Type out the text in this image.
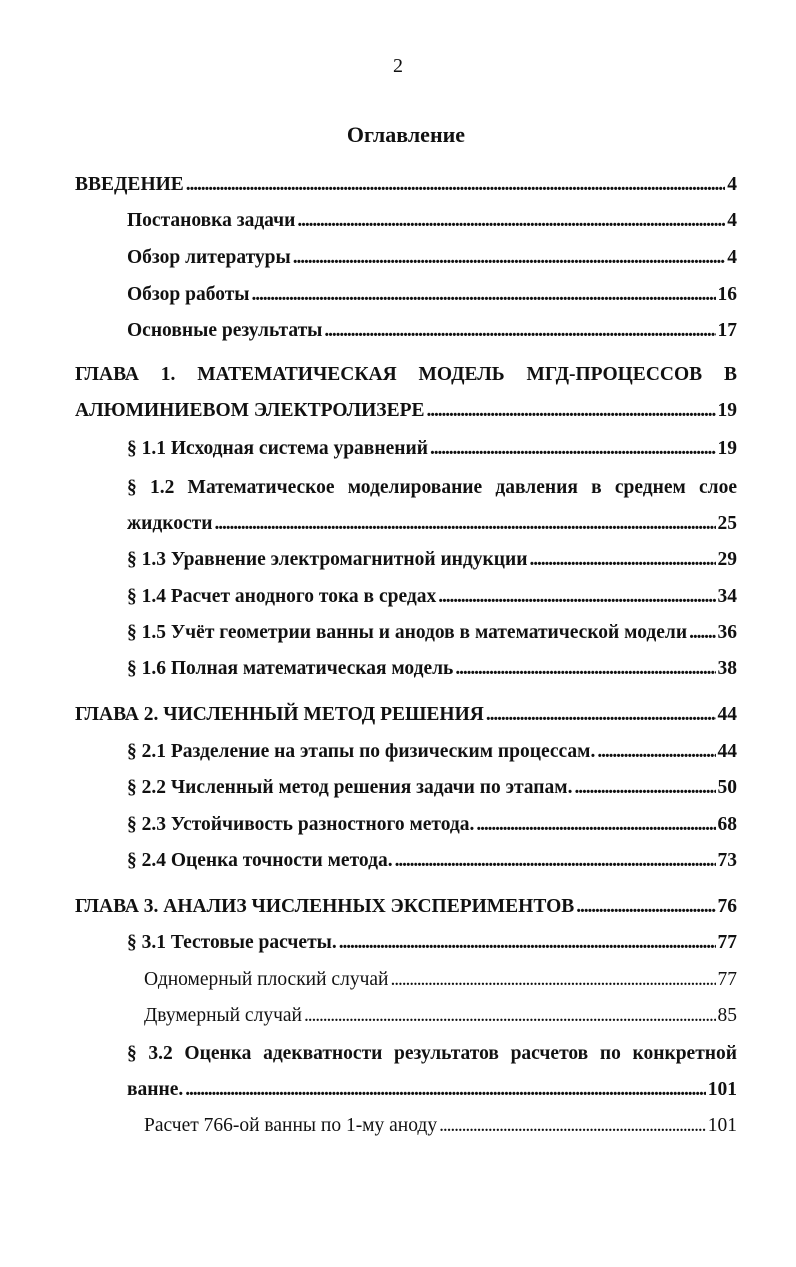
2
Оглавление
ВВЕДЕНИЕ . . .	4
Постановка задачи . . .	4
Обзор литературы . . .	4
Обзор работы . . .	16
Основные результаты . . .	17
ГЛАВА 1. МАТЕМАТИЧЕСКАЯ МОДЕЛЬ МГД-ПРОЦЕССОВ В
АЛЮМИНИЕВОМ ЭЛЕКТРОЛИЗЕРЕ . . .	19
§ 1.1 Исходная система уравнений . . .	19
§ 1.2 Математическое моделирование давления в среднем слое
жидкости . . .	25
§ 1.3 Уравнение электромагнитной индукции . . .	29
§ 1.4 Расчет анодного тока в средах . . .	34
§ 1.5 Учёт геометрии ванны и анодов в математической модели . . . 36
§ 1.6 Полная математическая модель . . .	38
ГЛАВА 2. ЧИСЛЕННЫЙ МЕТОД РЕШЕНИЯ . . .	44
§ 2.1 Разделение на этапы по физическим процессам. . . .	44
§ 2.2 Численный метод решения задачи по этапам. . . .	50
§ 2.3 Устойчивость разностного метода. . . .	68
§ 2.4 Оценка точности метода. . . .	73
ГЛАВА 3. АНАЛИЗ ЧИСЛЕННЫХ ЭКСПЕРИМЕНТОВ . . .	76
§ 3.1 Тестовые расчеты. . . .	77
Одномерный плоский случай . . .	77
Двумерный случай . . .	85
§ 3.2 Оценка адекватности результатов расчетов по конкретной
ванне. . . .	101
Расчет 766-ой ванны по 1-му аноду . . .	101
